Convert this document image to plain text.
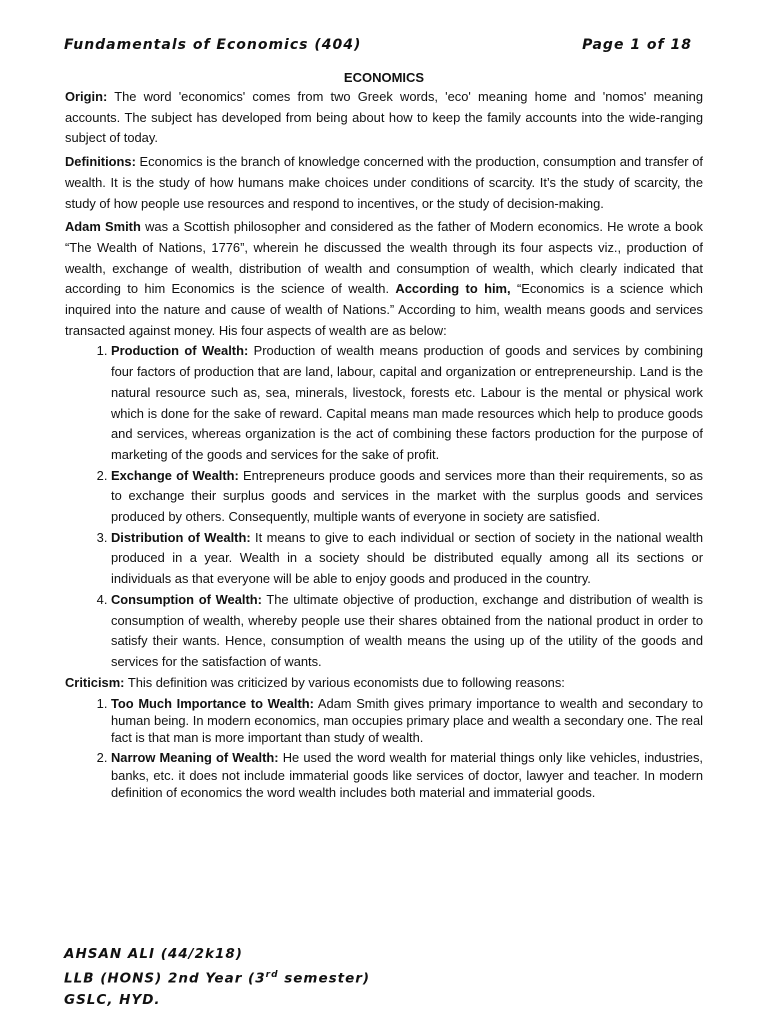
Fundamentals of Economics (404)	Page 1 of 18
ECONOMICS

Origin: The word 'economics' comes from two Greek words, 'eco' meaning home and 'nomos' meaning accounts. The subject has developed from being about how to keep the family accounts into the wide-ranging subject of today.

Definitions: Economics is the branch of knowledge concerned with the production, consumption and transfer of wealth. It is the study of how humans make choices under conditions of scarcity. It’s the study of scarcity, the study of how people use resources and respond to incentives, or the study of decision-making.

Adam Smith was a Scottish philosopher and considered as the father of Modern economics. He wrote a book “The Wealth of Nations, 1776”, wherein he discussed the wealth through its four aspects viz., production of wealth, exchange of wealth, distribution of wealth and consumption of wealth, which clearly indicated that according to him Economics is the science of wealth. According to him, “Economics is a science which inquired into the nature and cause of wealth of Nations.” According to him, wealth means goods and services transacted against money. His four aspects of wealth are as below:

1. Production of Wealth: Production of wealth means production of goods and services by combining four factors of production that are land, labour, capital and organization or entrepreneurship. Land is the natural resource such as, sea, minerals, livestock, forests etc. Labour is the mental or physical work which is done for the sake of reward. Capital means man made resources which help to produce goods and services, whereas organization is the act of combining these factors production for the purpose of marketing of the goods and services for the sake of profit.
2. Exchange of Wealth: Entrepreneurs produce goods and services more than their requirements, so as to exchange their surplus goods and services in the market with the surplus goods and services produced by others. Consequently, multiple wants of everyone in society are satisfied.
3. Distribution of Wealth: It means to give to each individual or section of society in the national wealth produced in a year. Wealth in a society should be distributed equally among all its sections or individuals as that everyone will be able to enjoy goods and produced in the country.
4. Consumption of Wealth: The ultimate objective of production, exchange and distribution of wealth is consumption of wealth, whereby people use their shares obtained from the national product in order to satisfy their wants. Hence, consumption of wealth means the using up of the utility of the goods and services for the satisfaction of wants.

Criticism: This definition was criticized by various economists due to following reasons:

1. Too Much Importance to Wealth: Adam Smith gives primary importance to wealth and secondary to human being. In modern economics, man occupies primary place and wealth a secondary one. The real fact is that man is more important than study of wealth.
2. Narrow Meaning of Wealth: He used the word wealth for material things only like vehicles, industries, banks, etc. it does not include immaterial goods like services of doctor, lawyer and teacher. In modern definition of economics the word wealth includes both material and immaterial goods.
AHSAN ALI (44/2k18)
LLB (HONS) 2nd Year (3rd semester)
GSLC, HYD.
